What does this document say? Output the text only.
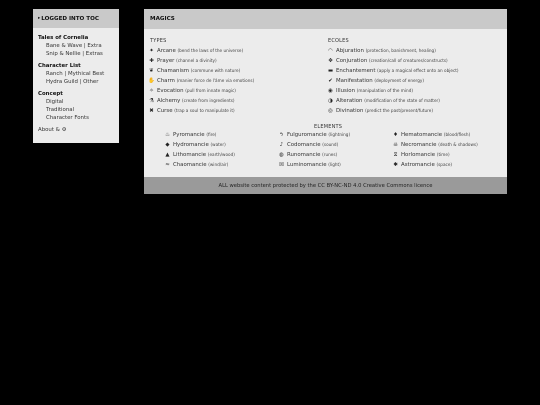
▸ LOGGED INTO TOC
Tales of Cornelia
Bane & Wave | Extra
Snip & Nellie | Extras
Character List
Ranch | Mythical Best
Hydra Guild | Other
Concept
Digital
Traditional
Character Fonts
About & ⚙
MAGICS
TYPES	ECOLES
ELEMENTS
ALL website content protected by the CC BY-NC-ND 4.0 Creative Commons licence
✦ Arcane (bend the laws of the universe)
✚ Prayer (channel a divinity)
❦ Chamanism (commune with nature)
✋ Charm (manier force de l'âme via emotions)
✧ Evocation (pull from innate magic)
⚗ Alchemy (create from ingredients)
✖ Curse (trap a soul to manipulate it)
◠ Abjuration (protection, banishment, healing)
✥ Conjuration (creation/call of creatures/constructs)
▬ Enchantement (apply a magical effect onto an object)
✔ Manifestation (deployment of energy)
◉ Illusion (manipulation of the mind)
◑ Alteration (modification of the state of matter)
◎ Divination (predict the past/present/future)
♨ Pyromancie (fire)
◆ Hydromancie (water)
▲ Lithomancie (earth/wood)
≈ Chaomancie (wind/air)
ϟ Fulguromancie (lightning)
♪ Codomancie (sound)
◍ Runomancie (runes)
☒ Luminomancie (light)
♦ Hematomancie (blood/flesh)
☠ Necromancie (death & shadows)
⧖ Horlomancie (time)
✱ Astromancie (space)
